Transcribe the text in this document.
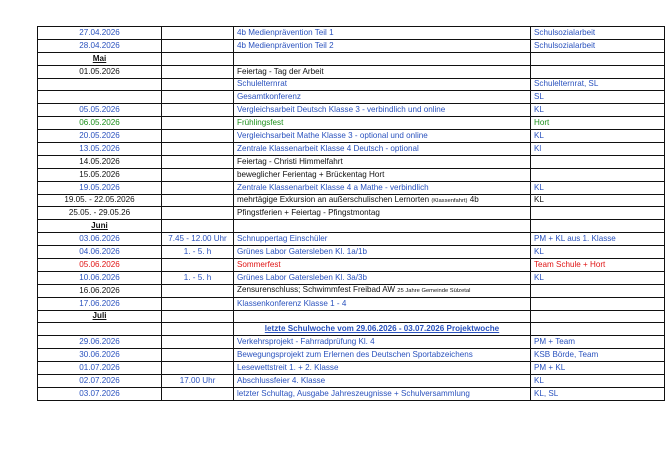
27.04.2026		4b Medienprävention Teil 1	Schulsozialarbeit
28.04.2026		4b Medienprävention Teil 2	Schulsozialarbeit
Mai			
01.05.2026		Feiertag - Tag der Arbeit	
		Schulelternrat	Schulelternrat, SL
		Gesamtkonferenz	SL
05.05.2026		Vergleichsarbeit Deutsch Klasse 3 - verbindlich und online	KL
06.05.2026		Frühlingsfest	Hort
20.05.2026		Vergleichsarbeit Mathe Klasse 3 - optional und online	KL
13.05.2026		Zentrale Klassenarbeit Klasse 4 Deutsch - optional	Kl
14.05.2026		Feiertag - Christi Himmelfahrt	
15.05.2026		beweglicher Ferientag + Brückentag Hort	
19.05.2026		Zentrale Klassenarbeit Klasse 4 a Mathe - verbindlich	KL
19.05. - 22.05.2026		mehrtägige Exkursion an außerschulischen Lernorten (Klassenfahrt) 4b	KL
25.05. - 29.05.26		Pfingstferien + Feiertag - Pfingstmontag	
Juni			
03.06.2026	7.45 - 12.00 Uhr	Schnuppertag Einschüler	PM + KL aus 1. Klasse
04.06.2026	1. - 5. h	Grünes Labor Gatersleben Kl. 1a/1b	KL
05.06.2026		Sommerfest	Team Schule + Hort
10.06.2026	1. - 5. h	Grünes Labor Gatersleben Kl. 3a/3b	KL
16.06.2026		Zensurenschluss; Schwimmfest Freibad AW 25 Jahre Gemeinde Sülzetal	
17.06.2026		Klassenkonferenz Klasse 1 - 4	
Juli			
		letzte Schulwoche vom 29.06.2026 - 03.07.2026 Projektwoche	
29.06.2026		Verkehrsprojekt - Fahrradprüfung Kl. 4	PM + Team
30.06.2026		Bewegungsprojekt zum Erlernen des Deutschen Sportabzeichens	KSB Börde, Team
01.07.2026		Lesewettstreit 1. + 2. Klasse	PM + KL
02.07.2026	17.00 Uhr	Abschlussfeier 4. Klasse	KL
03.07.2026		letzter Schultag, Ausgabe Jahreszeugnisse + Schulversammlung	KL, SL
